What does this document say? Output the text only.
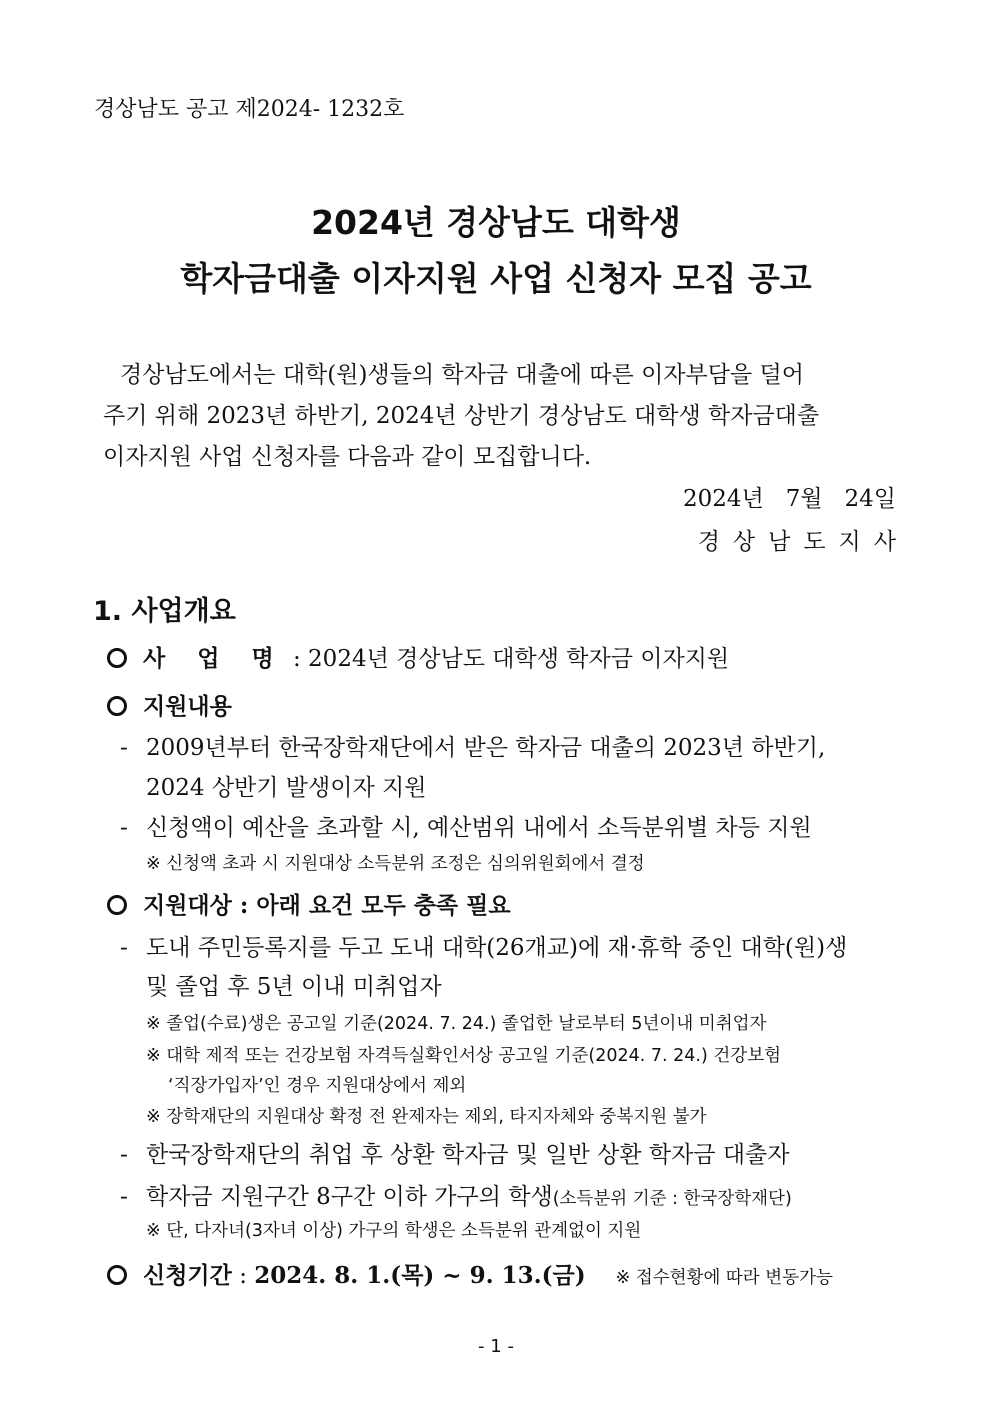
경상남도 공고 제2024- 1232호
2024년 경상남도 대학생
학자금대출 이자지원 사업 신청자 모집 공고
경상남도에서는 대학(원)생들의 학자금 대출에 따른 이자부담을 덜어
주기 위해 2023년 하반기, 2024년 상반기 경상남도 대학생 학자금대출
이자지원 사업 신청자를 다음과 같이 모집합니다.
2024년   7월   24일
경상남도지사
1. 사업개요
사 업 명 : 2024년 경상남도 대학생 학자금 이자지원
지원내용
- 2009년부터 한국장학재단에서 받은 학자금 대출의 2023년 하반기,
2024 상반기 발생이자 지원
- 신청액이 예산을 초과할 시, 예산범위 내에서 소득분위별 차등 지원
※ 신청액 초과 시 지원대상 소득분위 조정은 심의위원회에서 결정
지원대상 : 아래 요건 모두 충족 필요
- 도내 주민등록지를 두고 도내 대학(26개교)에 재·휴학 중인 대학(원)생
및 졸업 후 5년 이내 미취업자
※ 졸업(수료)생은 공고일 기준(2024. 7. 24.) 졸업한 날로부터 5년이내 미취업자
※ 대학 제적 또는 건강보험 자격득실확인서상 공고일 기준(2024. 7. 24.) 건강보험
‘직장가입자’인 경우 지원대상에서 제외
※ 장학재단의 지원대상 확정 전 완제자는 제외, 타지자체와 중복지원 불가
- 한국장학재단의 취업 후 상환 학자금 및 일반 상환 학자금 대출자
- 학자금 지원구간 8구간 이하 가구의 학생(소득분위 기준 : 한국장학재단)
※ 단, 다자녀(3자녀 이상) 가구의 학생은 소득분위 관계없이 지원
신청기간 : 2024. 8. 1.(목) ~ 9. 13.(금) ※ 접수현황에 따라 변동가능
- 1 -
